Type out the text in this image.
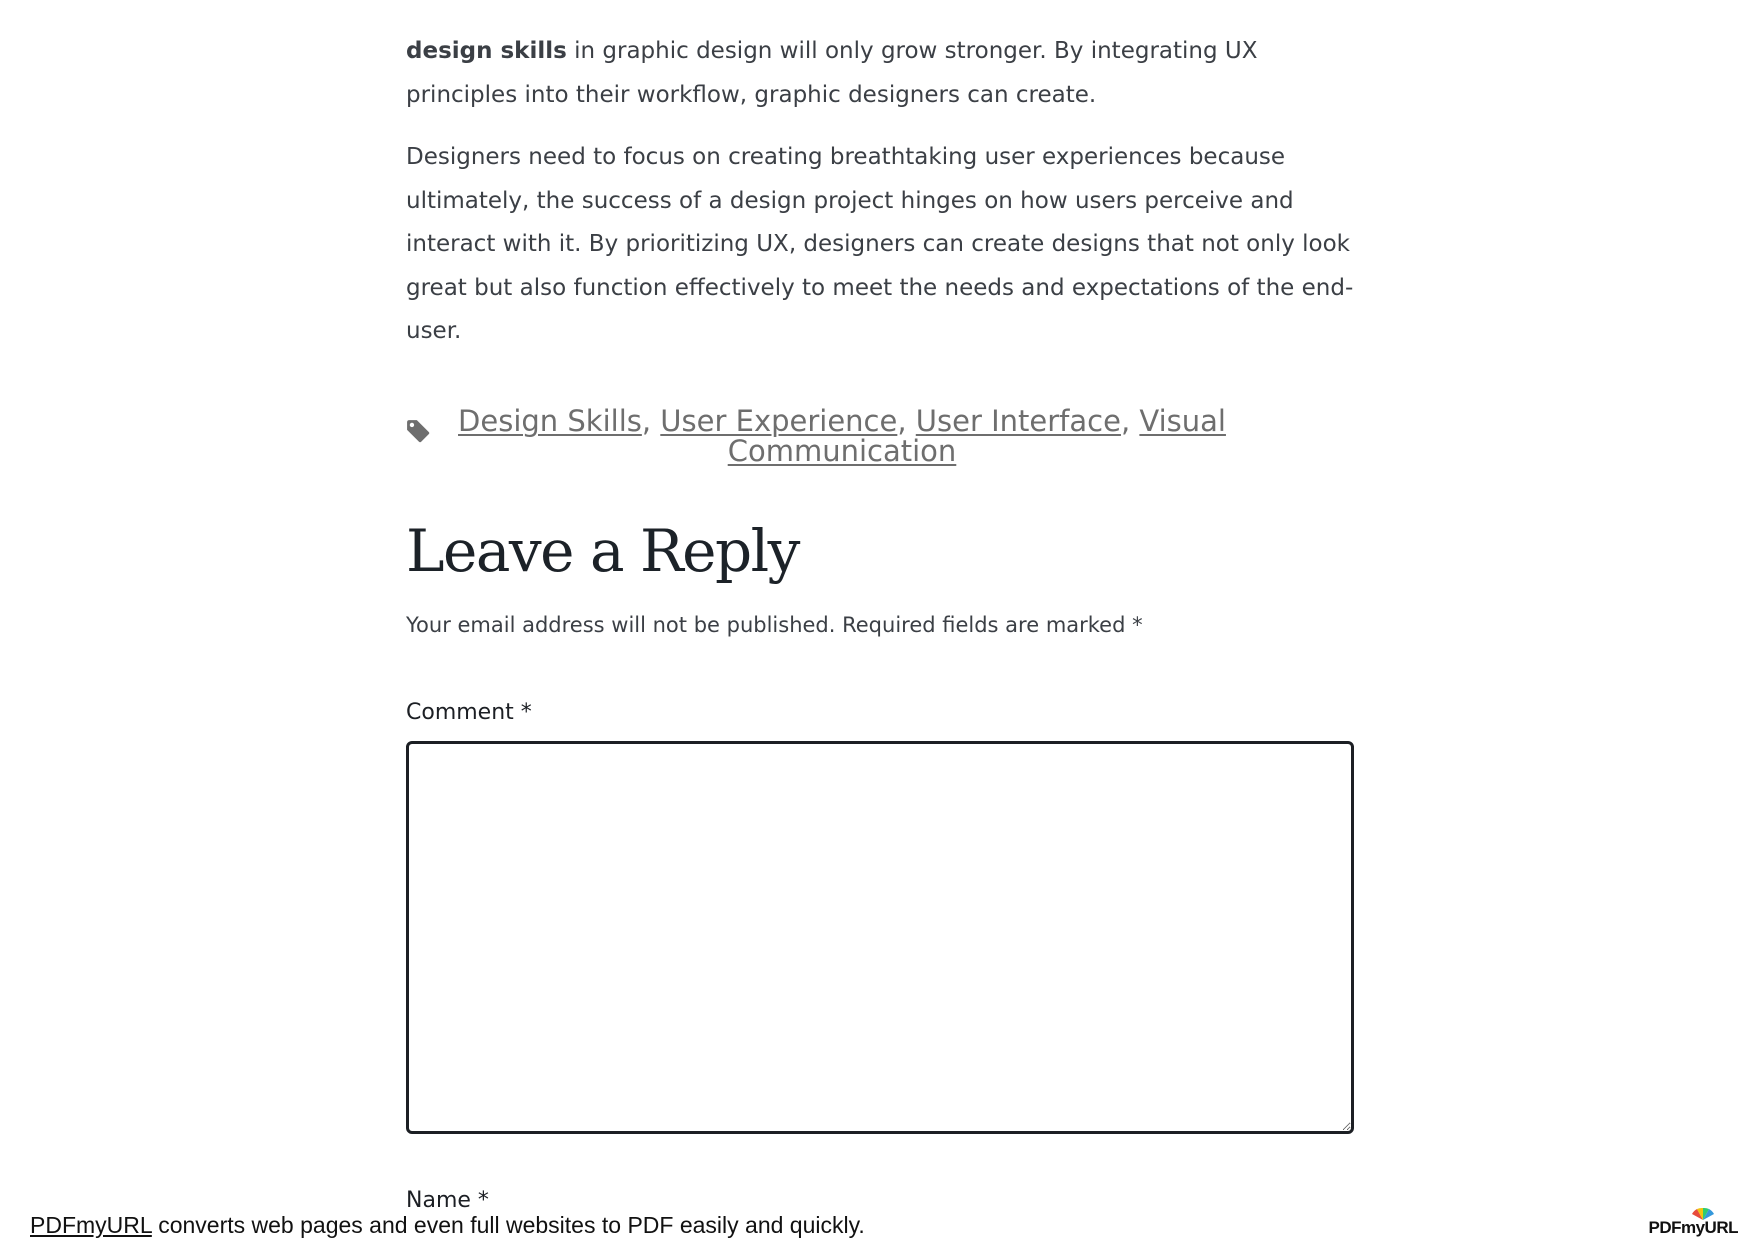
design skills in graphic design will only grow stronger. By integrating UX principles into their workflow, graphic designers can create.

Designers need to focus on creating breathtaking user experiences because ultimately, the success of a design project hinges on how users perceive and interact with it. By prioritizing UX, designers can create designs that not only look great but also function effectively to meet the needs and expectations of the end-user.

Design Skills, User Experience, User Interface, Visual Communication
Leave a Reply

Your email address will not be published. Required fields are marked *

Comment *
Name *
PDFmyURL converts web pages and even full websites to PDF easily and quickly.	PDFmyURL
